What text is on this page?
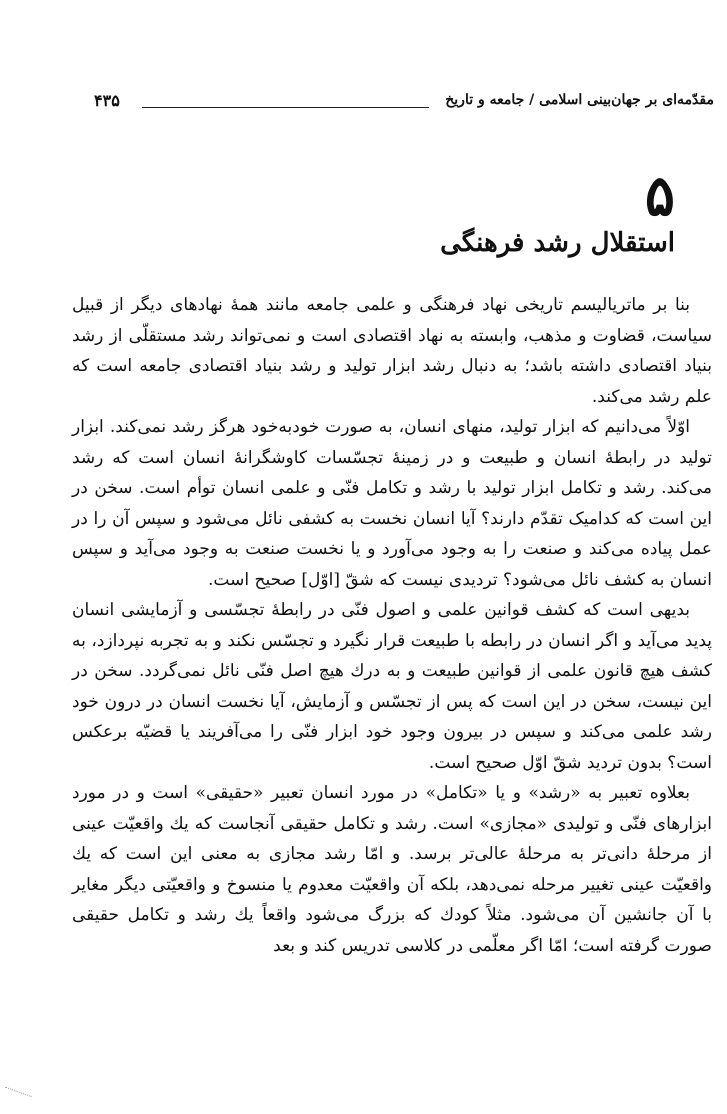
مقدّمه‌ای بر جهان‌بینی اسلامی / جامعه و تاریخ
۴۳۵
۵
استقلال رشد فرهنگی

بنا بر ماتریالیسم تاریخی نهاد فرهنگی و علمی جامعه مانند همهٔ نهادهای دیگر از قبیل سیاست، قضاوت و مذهب، وابسته به نهاد اقتصادی است و نمی‌تواند رشد مستقلّی از رشد بنیاد اقتصادی داشته باشد؛ به دنبال رشد ابزار تولید و رشد بنیاد اقتصادی جامعه است که علم رشد می‌کند.

اوّلاً می‌دانیم که ابزار تولید، منهای انسان، به صورت خودبه‌خود هرگز رشد نمی‌کند. ابزار تولید در رابطهٔ انسان و طبیعت و در زمینهٔ تجسّسات کاوشگرانهٔ انسان است که رشد می‌کند. رشد و تکامل ابزار تولید با رشد و تکامل فنّی و علمی انسان توأم است. سخن در این است که کدامیک تقدّم دارند؟ آیا انسان نخست به کشفی نائل می‌شود و سپس آن را در عمل پیاده می‌کند و صنعت را به وجود می‌آورد و یا نخست صنعت به وجود می‌آید و سپس انسان به کشف نائل می‌شود؟ تردیدی نیست که شقّ [اوّل] صحیح است.

بدیهی است که کشف قوانین علمی و اصول فنّی در رابطهٔ تجسّسی و آزمایشی انسان پدید می‌آید و اگر انسان در رابطه با طبیعت قرار نگیرد و تجسّس نکند و به تجربه نپردازد، به کشف هیچ قانون علمی از قوانین طبیعت و به درك هیچ اصل فنّی نائل نمی‌گردد. سخن در این نیست، سخن در این است که پس از تجسّس و آزمایش، آیا نخست انسان در درون خود رشد علمی می‌کند و سپس در بیرون وجود خود ابزار فنّی را می‌آفریند یا قضیّه برعکس است؟ بدون تردید شقّ اوّل صحیح است.

بعلاوه تعبیر به «رشد» و یا «تکامل» در مورد انسان تعبیر «حقیقی» است و در مورد ابزارهای فنّی و تولیدی «مجازی» است. رشد و تکامل حقیقی آنجاست که یك واقعیّت عینی از مرحلهٔ دانی‌تر به مرحلهٔ عالی‌تر برسد. و امّا رشد مجازی به معنی این است که یك واقعیّت عینی تغییر مرحله نمی‌دهد، بلکه آن واقعیّت معدوم یا منسوخ و واقعیّتی دیگر مغایر با آن جانشین آن می‌شود. مثلاً کودك که بزرگ می‌شود واقعاً یك رشد و تکامل حقیقی صورت گرفته است؛ امّا اگر معلّمی در کلاسی تدریس کند و بعد
